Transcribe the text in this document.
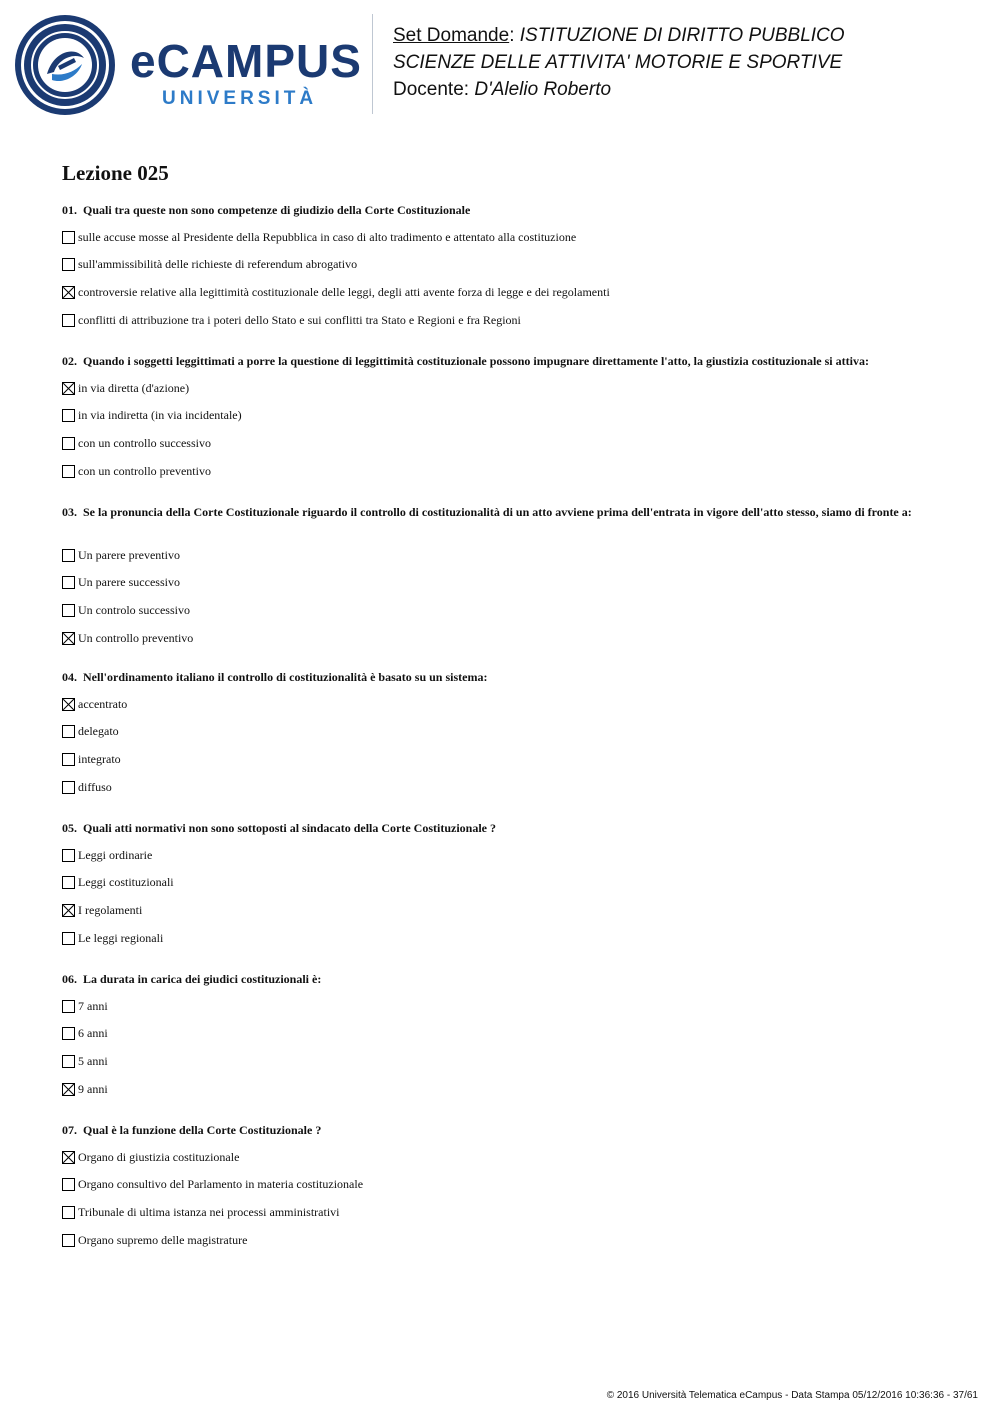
eCAMPUS
UNIVERSITÀ
Set Domande: ISTITUZIONE DI DIRITTO PUBBLICO
SCIENZE DELLE ATTIVITA' MOTORIE E SPORTIVE
Docente: D'Alelio Roberto
Lezione 025

01. Quali tra queste non sono competenze di giudizio della Corte Costituzionale

sulle accuse mosse al Presidente della Repubblica in caso di alto tradimento e attentato alla costituzione
sull'ammissibilità delle richieste di referendum abrogativo
controversie relative alla legittimità costituzionale delle leggi, degli atti avente forza di legge e dei regolamenti
conflitti di attribuzione tra i poteri dello Stato e sui conflitti tra Stato e Regioni e fra Regioni

02. Quando i soggetti leggittimati a porre la questione di leggittimità costituzionale possono impugnare direttamente l'atto, la giustizia costituzionale si attiva:

in via diretta (d'azione)
in via indiretta (in via incidentale)
con un controllo successivo
con un controllo preventivo

03. Se la pronuncia della Corte Costituzionale riguardo il controllo di costituzionalità di un atto avviene prima dell'entrata in vigore dell'atto stesso, siamo di fronte a:

Un parere preventivo
Un parere successivo
Un controlo successivo
Un controllo preventivo

04. Nell'ordinamento italiano il controllo di costituzionalità è basato su un sistema:

accentrato
delegato
integrato
diffuso

05. Quali atti normativi non sono sottoposti al sindacato della Corte Costituzionale ?

Leggi ordinarie
Leggi costituzionali
I regolamenti
Le leggi regionali

06. La durata in carica dei giudici costituzionali è:

7 anni
6 anni
5 anni
9 anni

07. Qual è la funzione della Corte Costituzionale ?

Organo di giustizia costituzionale
Organo consultivo del Parlamento in materia costituzionale
Tribunale di ultima istanza nei processi amministrativi
Organo supremo delle magistrature
© 2016 Università Telematica eCampus - Data Stampa 05/12/2016 10:36:36 - 37/61
